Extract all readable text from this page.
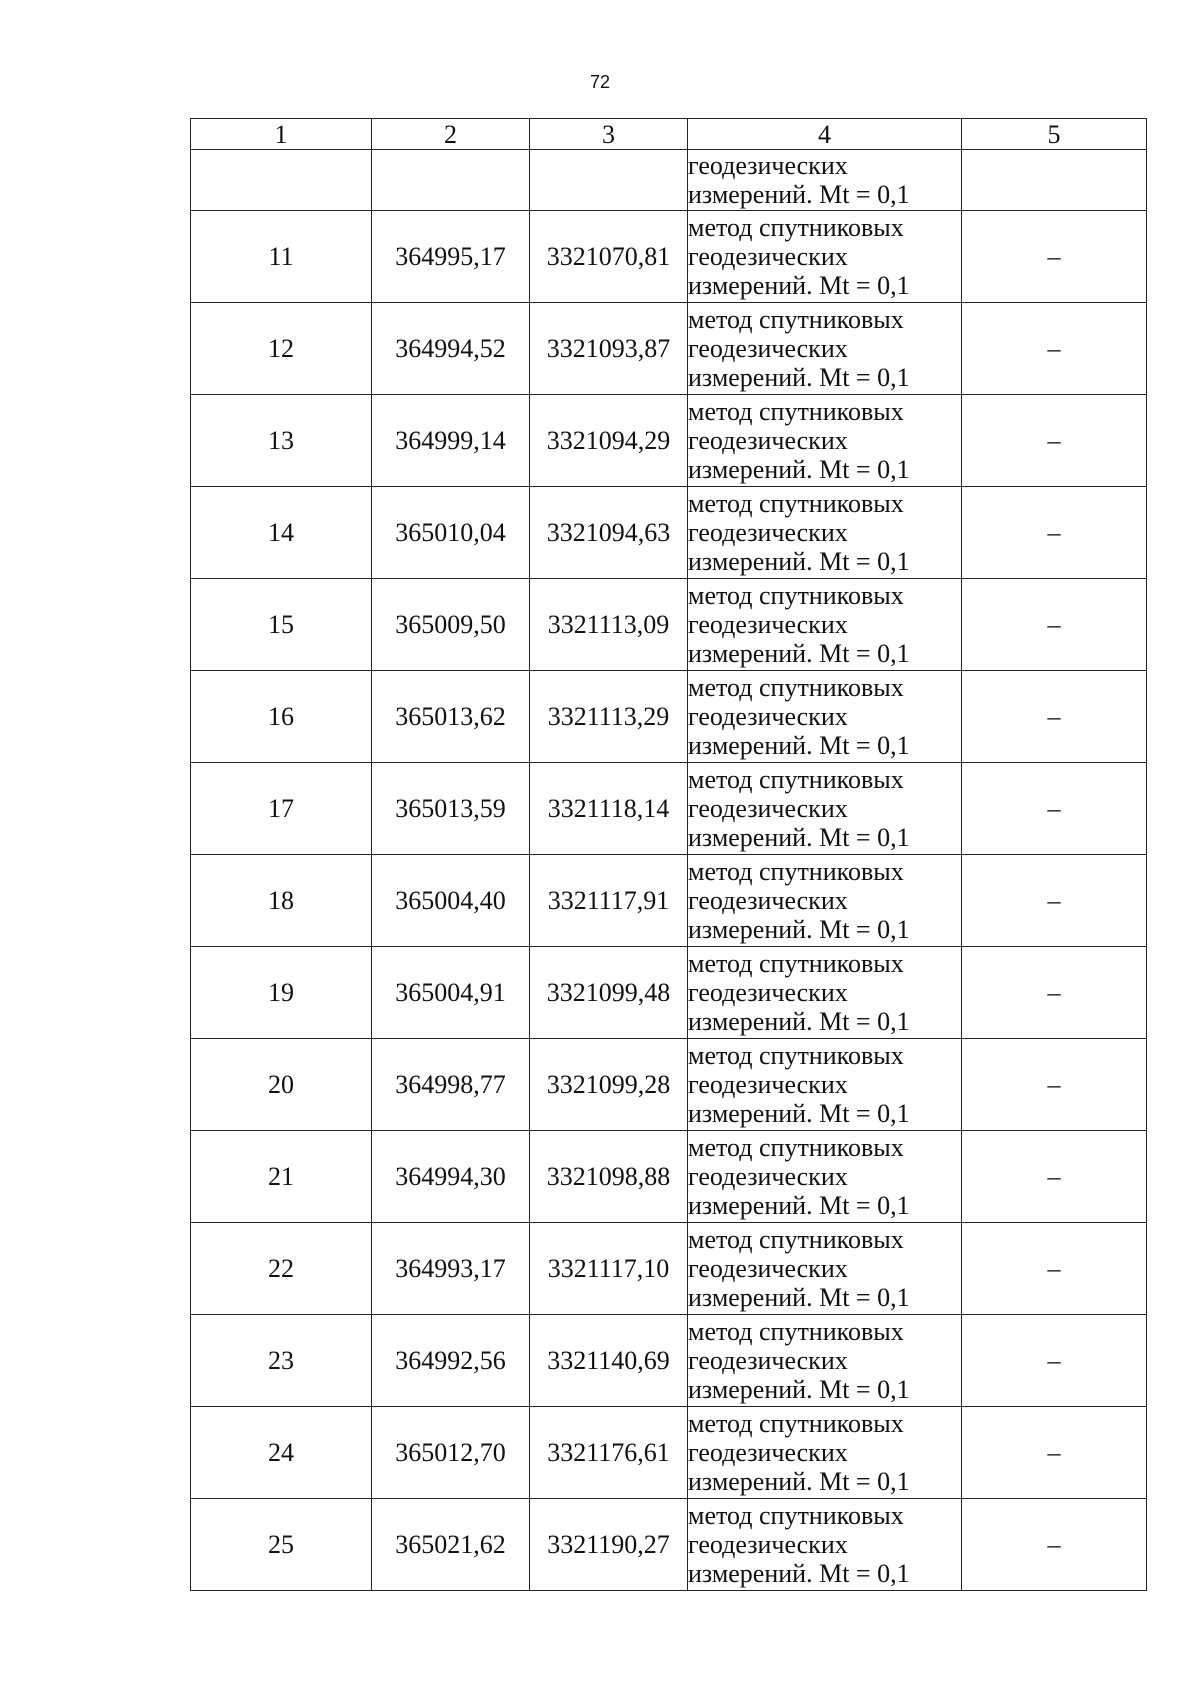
72
1	2	3	4	5

			геодезических
измерений. Mt = 0,1	

11	364995,17	3321070,81	метод спутниковых
геодезических
измерений. Mt = 0,1	–
12	364994,52	3321093,87	метод спутниковых
геодезических
измерений. Mt = 0,1	–
13	364999,14	3321094,29	метод спутниковых
геодезических
измерений. Mt = 0,1	–
14	365010,04	3321094,63	метод спутниковых
геодезических
измерений. Mt = 0,1	–
15	365009,50	3321113,09	метод спутниковых
геодезических
измерений. Mt = 0,1	–
16	365013,62	3321113,29	метод спутниковых
геодезических
измерений. Mt = 0,1	–
17	365013,59	3321118,14	метод спутниковых
геодезических
измерений. Mt = 0,1	–
18	365004,40	3321117,91	метод спутниковых
геодезических
измерений. Mt = 0,1	–
19	365004,91	3321099,48	метод спутниковых
геодезических
измерений. Mt = 0,1	–
20	364998,77	3321099,28	метод спутниковых
геодезических
измерений. Mt = 0,1	–
21	364994,30	3321098,88	метод спутниковых
геодезических
измерений. Mt = 0,1	–
22	364993,17	3321117,10	метод спутниковых
геодезических
измерений. Mt = 0,1	–
23	364992,56	3321140,69	метод спутниковых
геодезических
измерений. Mt = 0,1	–
24	365012,70	3321176,61	метод спутниковых
геодезических
измерений. Mt = 0,1	–
25	365021,62	3321190,27	метод спутниковых
геодезических
измерений. Mt = 0,1	–
